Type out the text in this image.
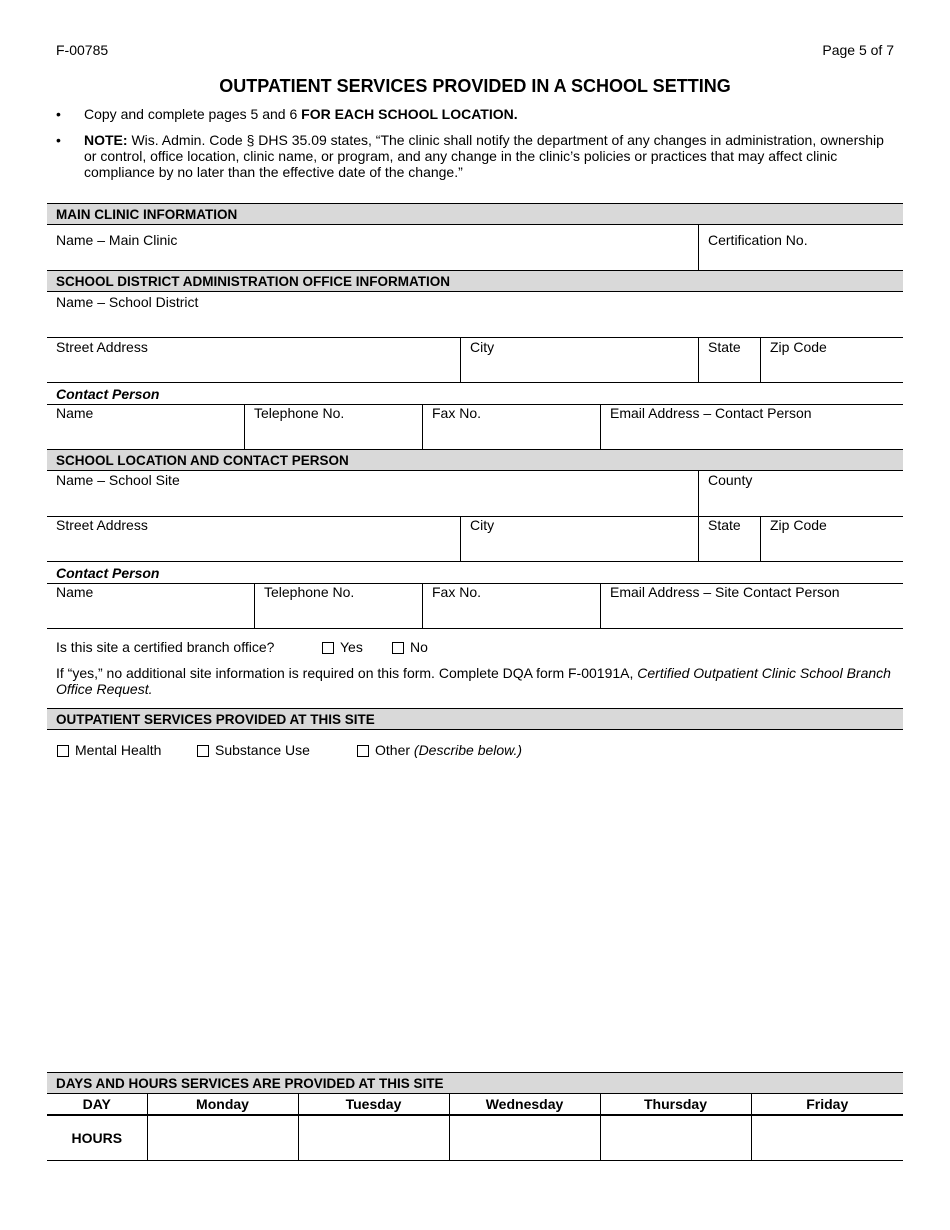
F-00785	Page 5 of 7
OUTPATIENT SERVICES PROVIDED IN A SCHOOL SETTING
• Copy and complete pages 5 and 6 FOR EACH SCHOOL LOCATION.
• NOTE: Wis. Admin. Code § DHS 35.09 states, “The clinic shall notify the department of any changes in administration, ownership or control, office location, clinic name, or program, and any change in the clinic’s policies or practices that may affect clinic compliance by no later than the effective date of the change.”
MAIN CLINIC INFORMATION
Name – Main Clinic	Certification No.
SCHOOL DISTRICT ADMINISTRATION OFFICE INFORMATION
Name – School District
Street Address	City	State	Zip Code
Contact Person
Name	Telephone No.	Fax No.	Email Address – Contact Person
SCHOOL LOCATION AND CONTACT PERSON
Name – School Site	County
Street Address	City	State	Zip Code
Contact Person
Name	Telephone No.	Fax No.	Email Address – Site Contact Person
Is this site a certified branch office?	Yes	No
If “yes,” no additional site information is required on this form. Complete DQA form F-00191A, Certified Outpatient Clinic School Branch Office Request.
OUTPATIENT SERVICES PROVIDED AT THIS SITE
Mental Health	Substance Use	Other (Describe below.)
DAYS AND HOURS SERVICES ARE PROVIDED AT THIS SITE
DAY	Monday	Tuesday	Wednesday	Thursday	Friday
HOURS					
